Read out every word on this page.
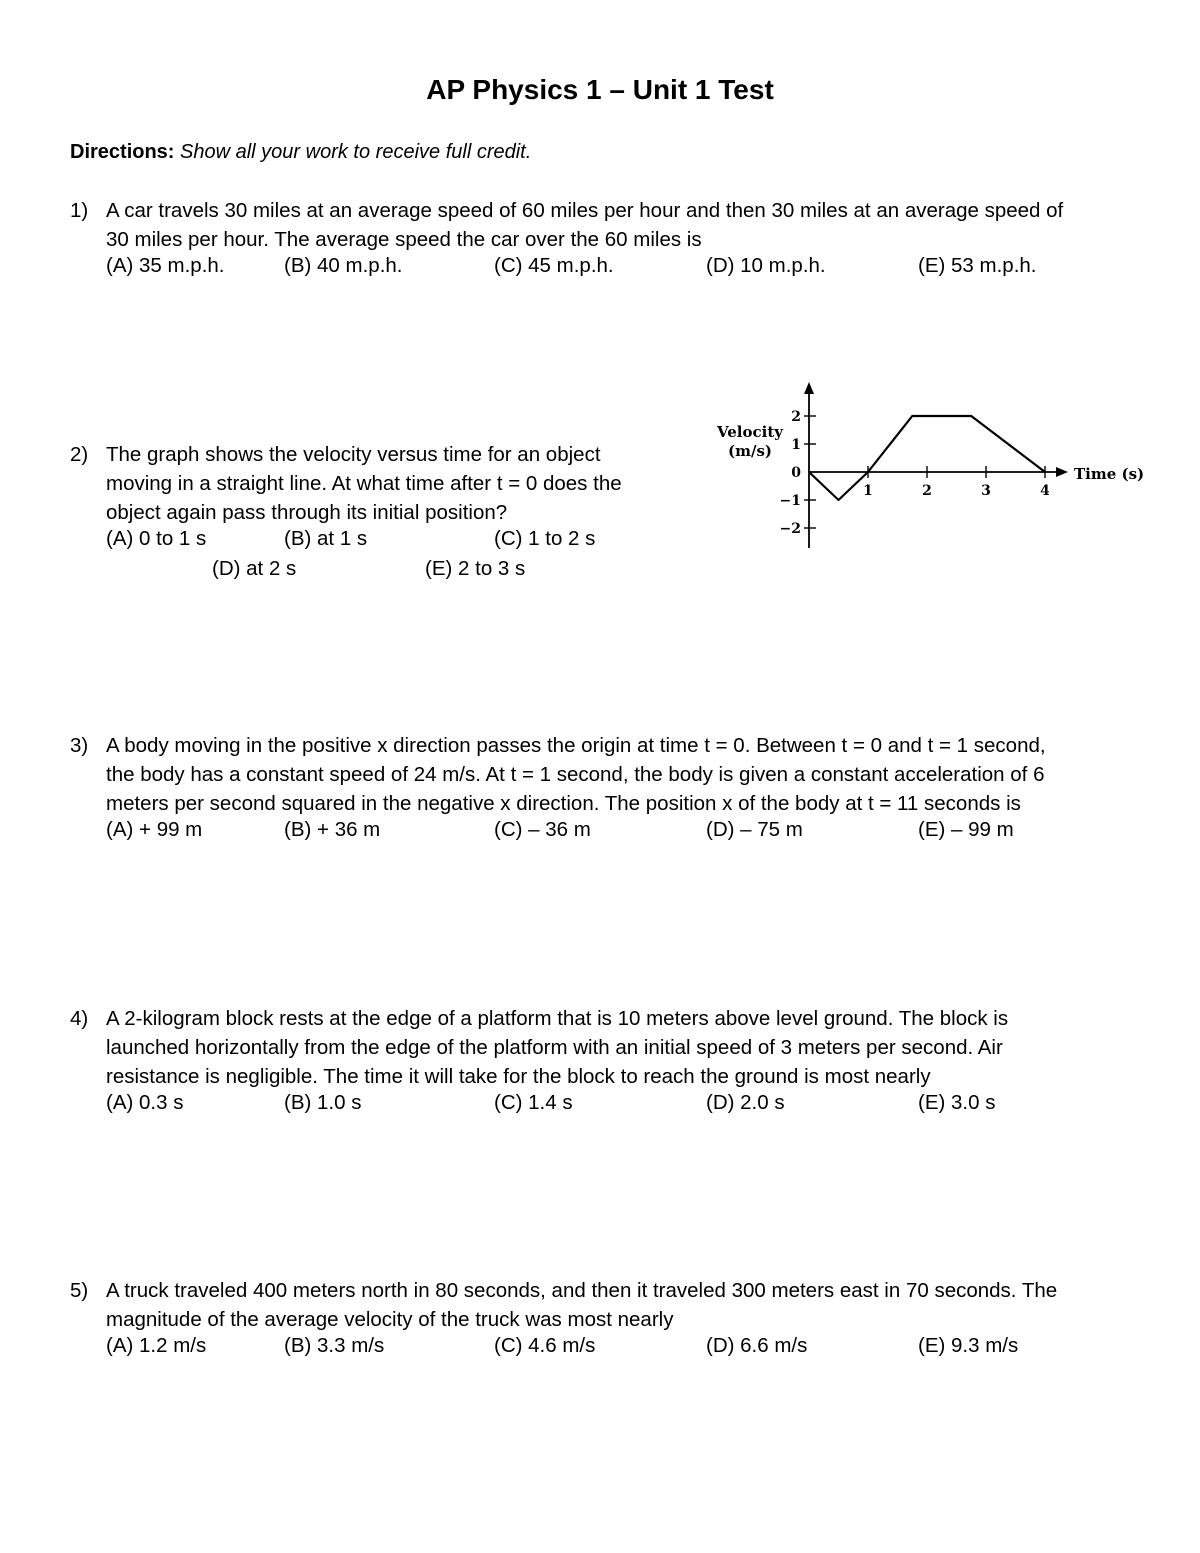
AP Physics 1 – Unit 1 Test
Directions: Show all your work to receive full credit.
1) A car travels 30 miles at an average speed of 60 miles per hour and then 30 miles at an average speed of
30 miles per hour. The average speed the car over the 60 miles is
(A) 35 m.p.h.	(B) 40 m.p.h.	(C) 45 m.p.h.	(D) 10 m.p.h.	(E) 53 m.p.h.
2) The graph shows the velocity versus time for an object
moving in a straight line. At what time after t = 0 does the
object again pass through its initial position?
(A) 0 to 1 s	(B) at 1 s	(C) 1 to 2 s
(D) at 2 s	(E) 2 to 3 s
Velocity
(m/s)
Time (s)
1	2	3	4
2
1
0
−1
−2
3) A body moving in the positive x direction passes the origin at time t = 0. Between t = 0 and t = 1 second,
the body has a constant speed of 24 m/s. At t = 1 second, the body is given a constant acceleration of 6
meters per second squared in the negative x direction. The position x of the body at t = 11 seconds is
(A) + 99 m	(B) + 36 m	(C) – 36 m	(D) – 75 m	(E) – 99 m
4) A 2-kilogram block rests at the edge of a platform that is 10 meters above level ground. The block is
launched horizontally from the edge of the platform with an initial speed of 3 meters per second. Air
resistance is negligible. The time it will take for the block to reach the ground is most nearly
(A) 0.3 s	(B) 1.0 s	(C) 1.4 s	(D) 2.0 s	(E) 3.0 s
5) A truck traveled 400 meters north in 80 seconds, and then it traveled 300 meters east in 70 seconds. The
magnitude of the average velocity of the truck was most nearly
(A) 1.2 m/s	(B) 3.3 m/s	(C) 4.6 m/s	(D) 6.6 m/s	(E) 9.3 m/s
